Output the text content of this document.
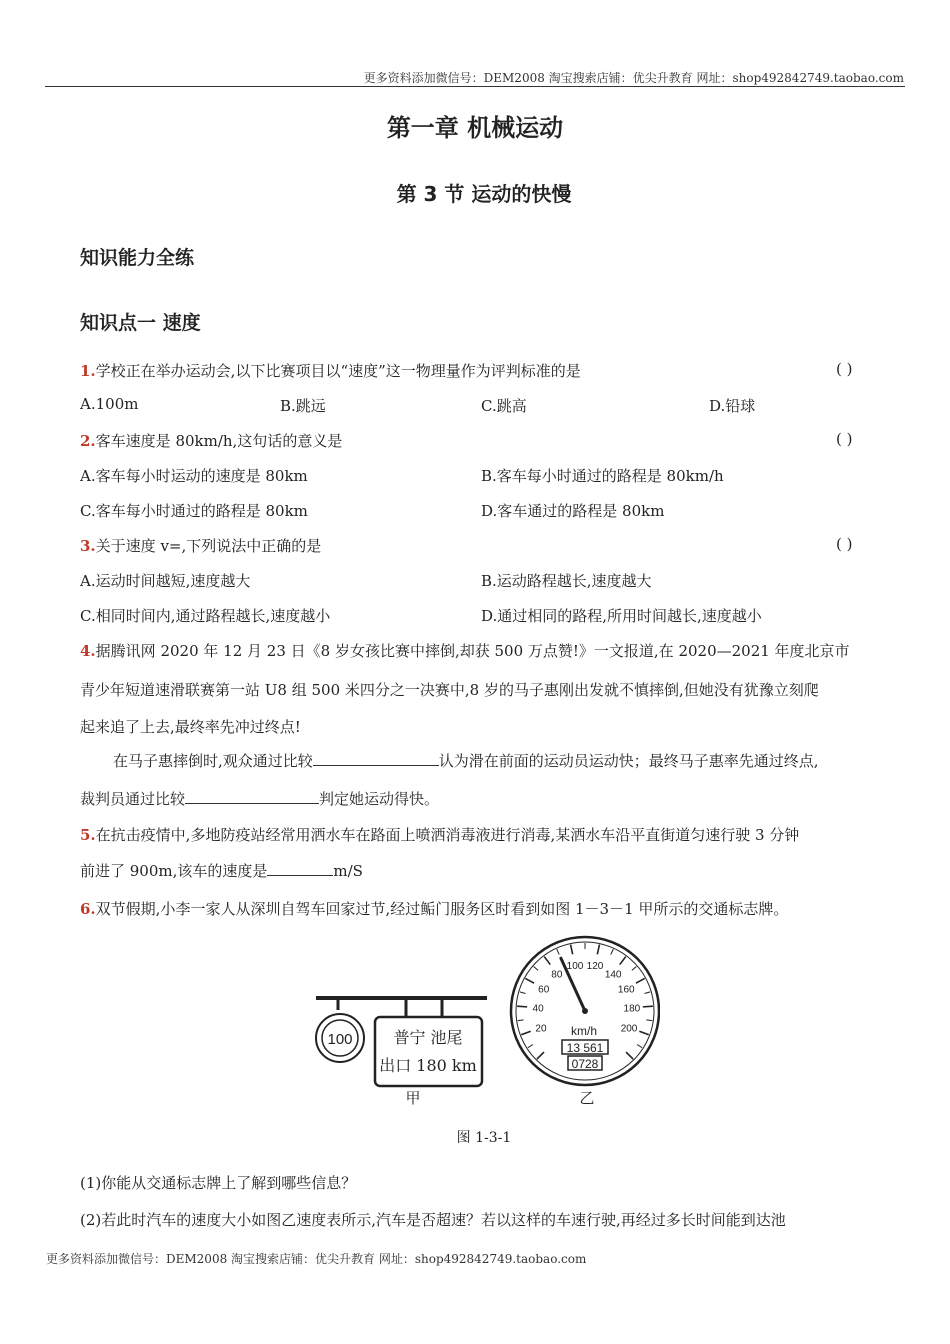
更多资料添加微信号：DEM2008 淘宝搜索店铺：优尖升教育 网址：shop492842749.taobao.com
第一章 机械运动
第 3 节 运动的快慢
知识能力全练
知识点一 速度
1.学校正在举办运动会,以下比赛项目以“速度”这一物理量作为评判标准的是	( )
A.100m	B.跳远	C.跳高	D.铅球
2.客车速度是 80km/h,这句话的意义是	( )
A.客车每小时运动的速度是 80km	B.客车每小时通过的路程是 80km/h
C.客车每小时通过的路程是 80km	D.客车通过的路程是 80km
3.关于速度 v=,下列说法中正确的是	( )
A.运动时间越短,速度越大	B.运动路程越长,速度越大
C.相同时间内,通过路程越长,速度越小	D.通过相同的路程,所用时间越长,速度越小
4.据腾讯网 2020 年 12 月 23 日《8 岁女孩比赛中摔倒,却获 500 万点赞!》一文报道,在 2020—2021 年度北京市
青少年短道速滑联赛第一站 U8 组 500 米四分之一决赛中,8 岁的马子惠刚出发就不慎摔倒,但她没有犹豫立刻爬
起来追了上去,最终率先冲过终点!
在马子惠摔倒时,观众通过比较	认为滑在前面的运动员运动快；最终马子惠率先通过终点,
裁判员通过比较	判定她运动得快。
5.在抗击疫情中,多地防疫站经常用洒水车在路面上喷洒消毒液进行消毒,某洒水车沿平直街道匀速行驶 3 分钟
前进了 900m,该车的速度是	m/S
6.双节假期,小李一家人从深圳自驾车回家过节,经过鲘门服务区时看到如图 1－3－1 甲所示的交通标志牌。
100	普宁 池尾
出口 180 km
甲
20
40
60
80
100 120
140
160
180
200
km/h
13 561
0728
乙
图 1-3-1
(1)你能从交通标志牌上了解到哪些信息？
(2)若此时汽车的速度大小如图乙速度表所示,汽车是否超速？若以这样的车速行驶,再经过多长时间能到达池
更多资料添加微信号：DEM2008 淘宝搜索店铺：优尖升教育 网址：shop492842749.taobao.com
